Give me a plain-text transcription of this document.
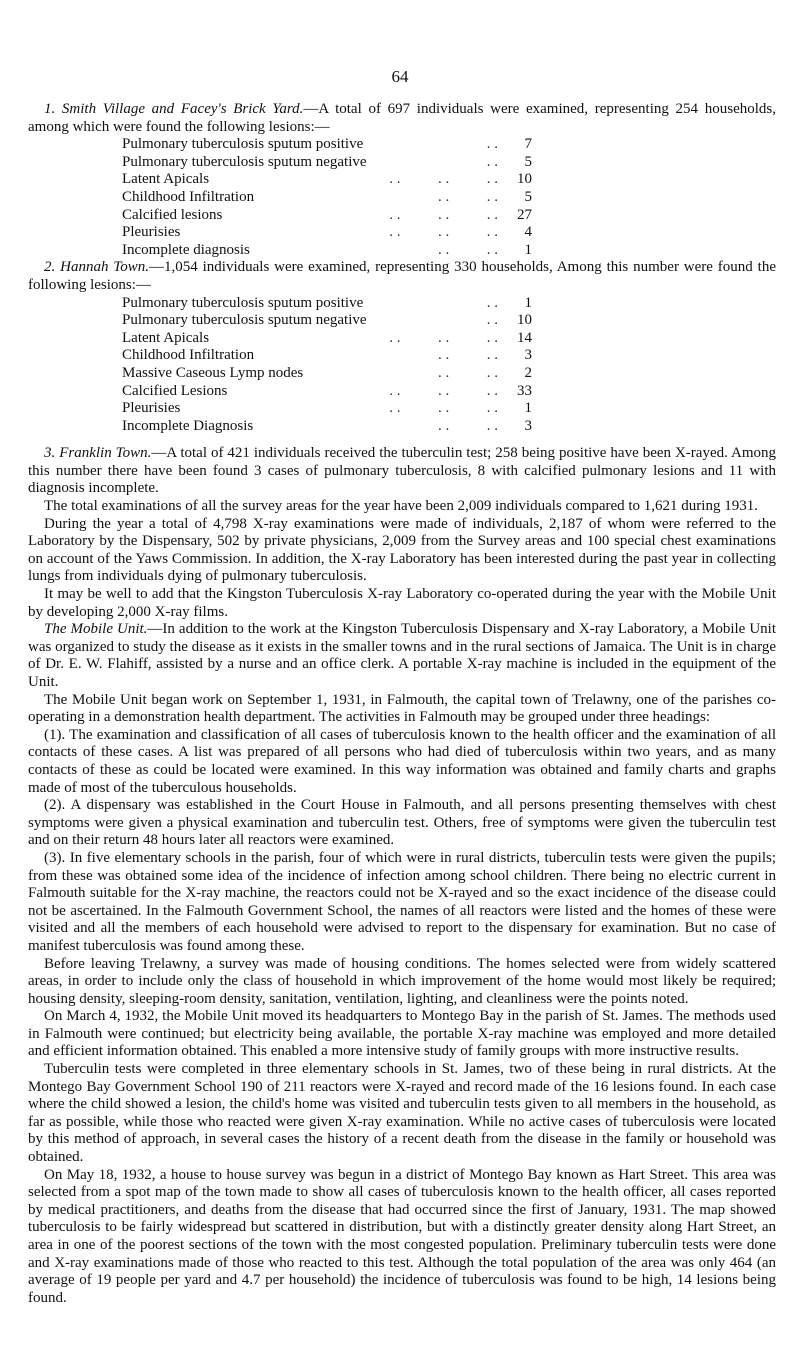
64

1. Smith Village and Facey's Brick Yard.—A total of 697 individuals were examined, representing 254 households, among which were found the following lesions:—

Pulmonary tuberculosis sputum positive	. .	7
Pulmonary tuberculosis sputum negative	. .	5
Latent Apicals	. .          . .          . .	10
Childhood Infiltration	. .          . .	5
Calcified lesions	. .          . .          . .	27
Pleurisies	. .          . .          . .	4
Incomplete diagnosis	. .          . .	1

2. Hannah Town.—1,054 individuals were examined, representing 330 households, Among this number were found the following lesions:—

Pulmonary tuberculosis sputum positive	. .	1
Pulmonary tuberculosis sputum negative	. .	10
Latent Apicals	. .          . .          . .	14
Childhood Infiltration	. .          . .	3
Massive Caseous Lymp nodes	. .          . .	2
Calcified Lesions	. .          . .          . .	33
Pleurisies	. .          . .          . .	1
Incomplete Diagnosis	. .          . .	3

3. Franklin Town.—A total of 421 individuals received the tuberculin test; 258 being positive have been X-rayed. Among this number there have been found 3 cases of pulmonary tuberculosis, 8 with calcified pulmonary lesions and 11 with diagnosis incomplete.

The total examinations of all the survey areas for the year have been 2,009 individuals compared to 1,621 during 1931.

During the year a total of 4,798 X-ray examinations were made of individuals, 2,187 of whom were referred to the Laboratory by the Dispensary, 502 by private physicians, 2,009 from the Survey areas and 100 special chest examinations on account of the Yaws Commission. In addition, the X-ray Laboratory has been interested during the past year in collecting lungs from individuals dying of pulmonary tuberculosis.

It may be well to add that the Kingston Tuberculosis X-ray Laboratory co-operated during the year with the Mobile Unit by developing 2,000 X-ray films.

The Mobile Unit.—In addition to the work at the Kingston Tuberculosis Dispensary and X-ray Laboratory, a Mobile Unit was organized to study the disease as it exists in the smaller towns and in the rural sections of Jamaica. The Unit is in charge of Dr. E. W. Flahiff, assisted by a nurse and an office clerk. A portable X-ray machine is included in the equipment of the Unit.

The Mobile Unit began work on September 1, 1931, in Falmouth, the capital town of Trelawny, one of the parishes co-operating in a demonstration health department. The activities in Falmouth may be grouped under three headings:

(1). The examination and classification of all cases of tuberculosis known to the health officer and the examination of all contacts of these cases. A list was prepared of all persons who had died of tuberculosis within two years, and as many contacts of these as could be located were examined. In this way information was obtained and family charts and graphs made of most of the tuberculous households.

(2). A dispensary was established in the Court House in Falmouth, and all persons presenting themselves with chest symptoms were given a physical examination and tuberculin test. Others, free of symptoms were given the tuberculin test and on their return 48 hours later all reactors were examined.

(3). In five elementary schools in the parish, four of which were in rural districts, tuberculin tests were given the pupils; from these was obtained some idea of the incidence of infection among school children. There being no electric current in Falmouth suitable for the X-ray machine, the reactors could not be X-rayed and so the exact incidence of the disease could not be ascertained. In the Falmouth Government School, the names of all reactors were listed and the homes of these were visited and all the members of each household were advised to report to the dispensary for examination. But no case of manifest tuberculosis was found among these.

Before leaving Trelawny, a survey was made of housing conditions. The homes selected were from widely scattered areas, in order to include only the class of household in which improvement of the home would most likely be required; housing density, sleeping-room density, sanitation, ventilation, lighting, and cleanliness were the points noted.

On March 4, 1932, the Mobile Unit moved its headquarters to Montego Bay in the parish of St. James. The methods used in Falmouth were continued; but electricity being available, the portable X-ray machine was employed and more detailed and efficient information obtained. This enabled a more intensive study of family groups with more instructive results.

Tuberculin tests were completed in three elementary schools in St. James, two of these being in rural districts. At the Montego Bay Government School 190 of 211 reactors were X-rayed and record made of the 16 lesions found. In each case where the child showed a lesion, the child's home was visited and tuberculin tests given to all members in the household, as far as possible, while those who reacted were given X-ray examination. While no active cases of tuberculosis were located by this method of approach, in several cases the history of a recent death from the disease in the family or household was obtained.

On May 18, 1932, a house to house survey was begun in a district of Montego Bay known as Hart Street. This area was selected from a spot map of the town made to show all cases of tuberculosis known to the health officer, all cases reported by medical practitioners, and deaths from the disease that had occurred since the first of January, 1931. The map showed tuberculosis to be fairly widespread but scattered in distribution, but with a distinctly greater density along Hart Street, an area in one of the poorest sections of the town with the most congested population. Preliminary tuberculin tests were done and X-ray examinations made of those who reacted to this test. Although the total population of the area was only 464 (an average of 19 people per yard and 4.7 per household) the incidence of tuberculosis was found to be high, 14 lesions being found.
